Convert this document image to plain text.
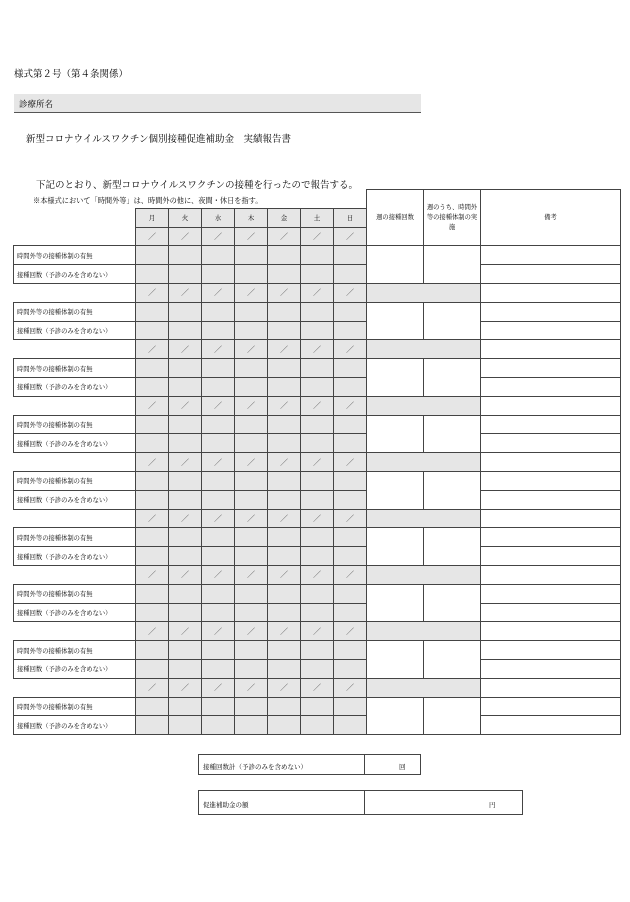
様式第２号（第４条関係）
診療所名
新型コロナウイルスワクチン個別接種促進補助金　実績報告書
下記のとおり、新型コロナウイルスワクチンの接種を行ったので報告する。
※本様式において「時間外等」は、時間外の他に、夜間・休日を指す。
								週の接種回数	週のうち、時間外等の接種体制の実施	備考
	月	火	水	木	金	土	日			
	／	／	／	／	／	／	／			
時間外等の接種体制の有無										
接種回数（予診のみを含めない）										
	／	／	／	／	／	／	／			
時間外等の接種体制の有無										
接種回数（予診のみを含めない）										
	／	／	／	／	／	／	／			
時間外等の接種体制の有無										
接種回数（予診のみを含めない）										
	／	／	／	／	／	／	／			
時間外等の接種体制の有無										
接種回数（予診のみを含めない）										
	／	／	／	／	／	／	／			
時間外等の接種体制の有無										
接種回数（予診のみを含めない）										
	／	／	／	／	／	／	／			
時間外等の接種体制の有無										
接種回数（予診のみを含めない）										
	／	／	／	／	／	／	／			
時間外等の接種体制の有無										
接種回数（予診のみを含めない）										
	／	／	／	／	／	／	／			
時間外等の接種体制の有無										
接種回数（予診のみを含めない）										
	／	／	／	／	／	／	／			
時間外等の接種体制の有無										
接種回数（予診のみを含めない）										
接種回数計（予診のみを含めない）	回
促進補助金の額	円
